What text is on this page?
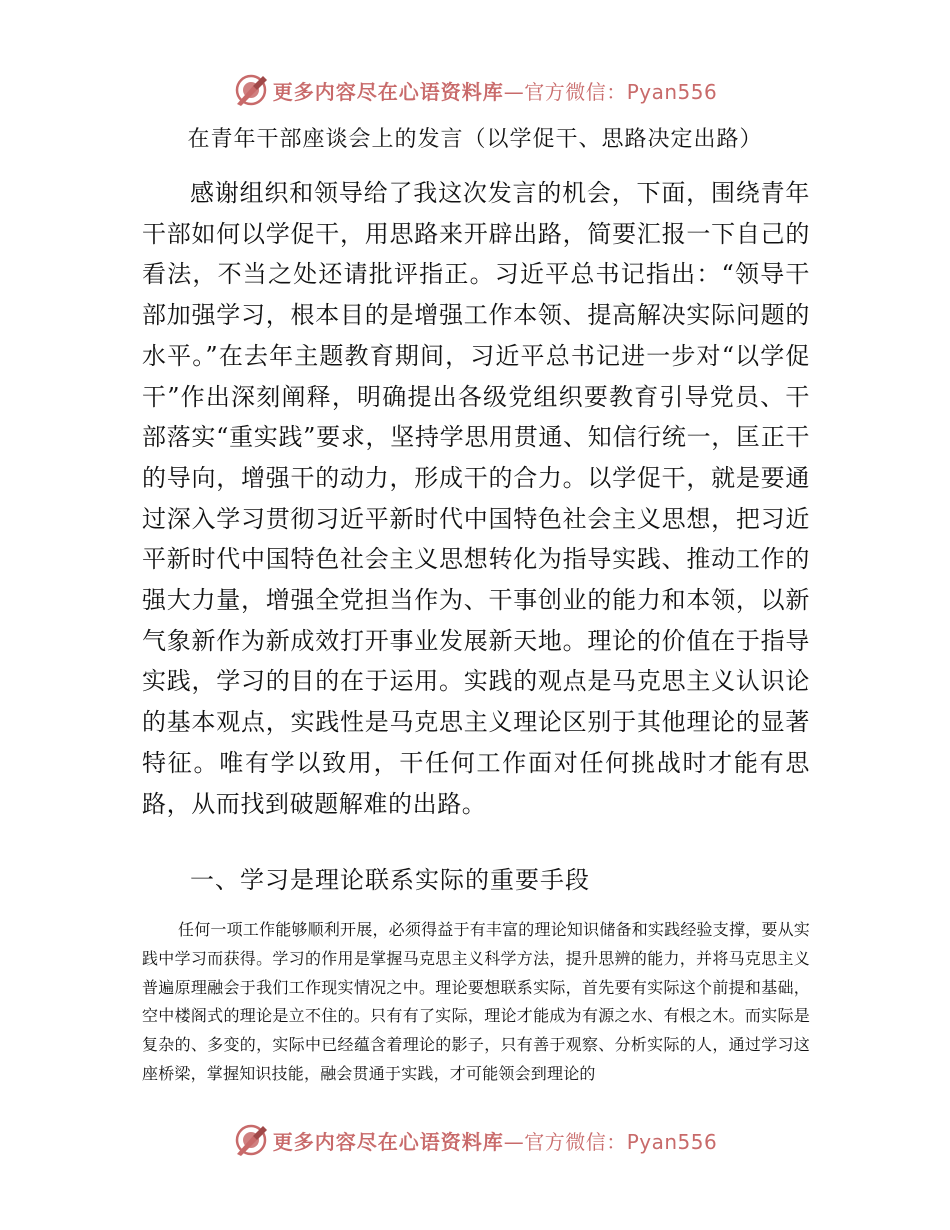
更多内容尽在心语资料库 —官方微信：Pyan556
在青年干部座谈会上的发言（以学促干、思路决定出路）

感谢组织和领导给了我这次发言的机会，下面，围绕青年干部如何以学促干，用思路来开辟出路，简要汇报一下自己的看法，不当之处还请批评指正。习近平总书记指出：“领导干部加强学习，根本目的是增强工作本领、提高解决实际问题的水平。”在去年主题教育期间，习近平总书记进一步对“以学促干”作出深刻阐释，明确提出各级党组织要教育引导党员、干部落实“重实践”要求，坚持学思用贯通、知信行统一，匡正干的导向，增强干的动力，形成干的合力。以学促干，就是要通过深入学习贯彻习近平新时代中国特色社会主义思想，把习近平新时代中国特色社会主义思想转化为指导实践、推动工作的强大力量，增强全党担当作为、干事创业的能力和本领，以新气象新作为新成效打开事业发展新天地。理论的价值在于指导实践，学习的目的在于运用。实践的观点是马克思主义认识论的基本观点，实践性是马克思主义理论区别于其他理论的显著特征。唯有学以致用，干任何工作面对任何挑战时才能有思路，从而找到破题解难的出路。

一、学习是理论联系实际的重要手段

任何一项工作能够顺利开展，必须得益于有丰富的理论知识储备和实践经验支撑，要从实践中学习而获得。学习的作用是掌握马克思主义科学方法，提升思辨的能力，并将马克思主义普遍原理融会于我们工作现实情况之中。理论要想联系实际，首先要有实际这个前提和基础，空中楼阁式的理论是立不住的。只有有了实际，理论才能成为有源之水、有根之木。而实际是复杂的、多变的，实际中已经蕴含着理论的影子，只有善于观察、分析实际的人，通过学习这座桥梁，掌握知识技能，融会贯通于实践，才可能领会到理论的

更多内容尽在心语资料库 —官方微信：Pyan556
